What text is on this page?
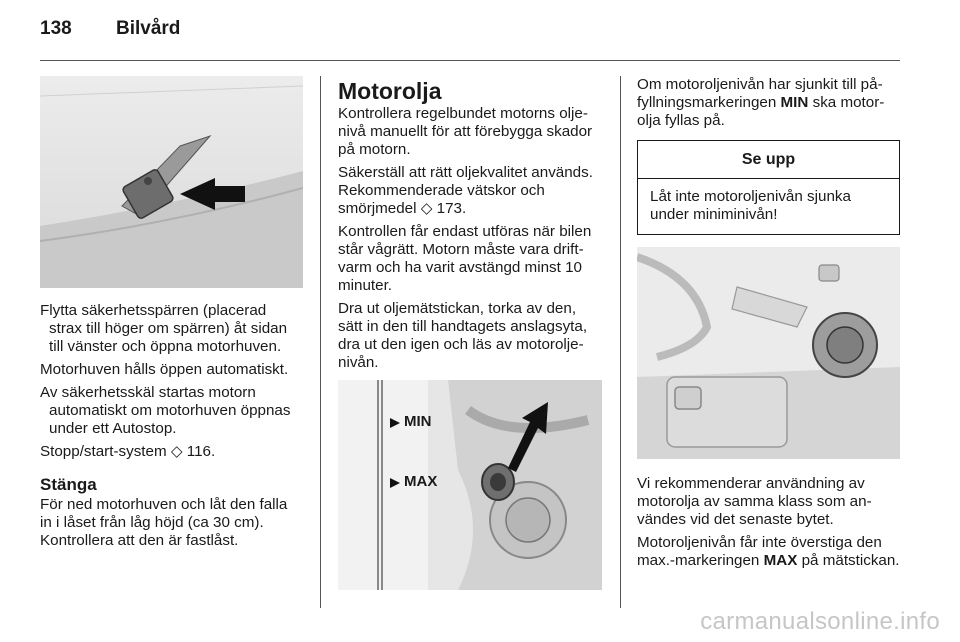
138 Bilvård

Flytta säkerhetsspärren (placerad strax till höger om spärren) åt sidan till vänster och öppna motorhuven.

Motorhuven hålls öppen automatiskt.

Av säkerhetsskäl startas motorn automatiskt om motorhuven öppnas under ett Autostop.

Stopp/start-system ◇ 116.

Stänga

För ned motorhuven och låt den falla in i låset från låg höjd (ca 30 cm). Kontrollera att den är fastlåst.

Motorolja

Kontrollera regelbundet motorns oljenivå manuellt för att förebygga skador på motorn.

Säkerställ att rätt oljekvalitet används. Rekommenderade vätskor och smörjmedel ◇ 173.

Kontrollen får endast utföras när bilen står vågrätt. Motorn måste vara driftvarm och ha varit avstängd minst 10 minuter.

Dra ut oljemätstickan, torka av den, sätt in den till handtagets anslagsyta, dra ut den igen och läs av motoroljenivån.

MIN
MAX

Om motoroljenivån har sjunkit till påfyllningsmarkeringen MIN ska motorolja fyllas på.

Se upp
Låt inte motoroljenivån sjunka under miniminivån!

Vi rekommenderar användning av motorolja av samma klass som användes vid det senaste bytet.

Motoroljenivån får inte överstiga den max.-markeringen MAX på mätstickan.

carmanualsonline.info
